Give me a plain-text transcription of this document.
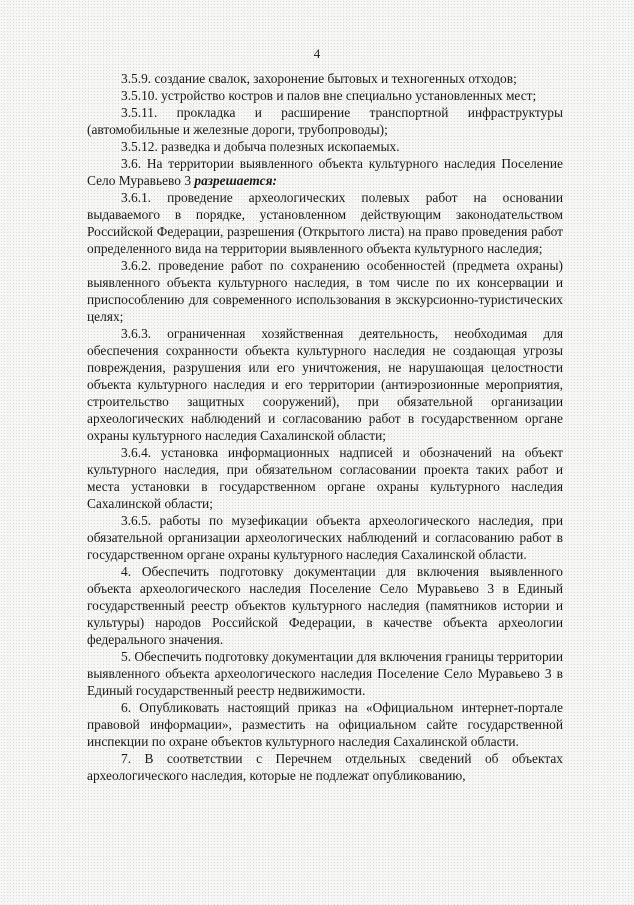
4

3.5.9. создание свалок, захоронение бытовых и техногенных отходов;

3.5.10. устройство костров и палов вне специально установленных мест;

3.5.11. прокладка и расширение транспортной инфраструктуры (автомобильные и железные дороги, трубопроводы);

3.5.12. разведка и добыча полезных ископаемых.

3.6. На территории выявленного объекта культурного наследия Поселение Село Муравьево 3 разрешается:

3.6.1. проведение археологических полевых работ на основании выдаваемого в порядке, установленном действующим законодательством Российской Федерации, разрешения (Открытого листа) на право проведения работ определенного вида на территории выявленного объекта культурного наследия;

3.6.2. проведение работ по сохранению особенностей (предмета охраны) выявленного объекта культурного наследия, в том числе по их консервации и приспособлению для современного использования в экскурсионно-туристических целях;

3.6.3. ограниченная хозяйственная деятельность, необходимая для обеспечения сохранности объекта культурного наследия не создающая угрозы повреждения, разрушения или его уничтожения, не нарушающая целостности объекта культурного наследия и его территории (антиэрозионные мероприятия, строительство защитных сооружений), при обязательной организации археологических наблюдений и согласованию работ в государственном органе охраны культурного наследия Сахалинской области;

3.6.4. установка информационных надписей и обозначений на объект культурного наследия, при обязательном согласовании проекта таких работ и места установки в государственном органе охраны культурного наследия Сахалинской области;

3.6.5. работы по музефикации объекта археологического наследия, при обязательной организации археологических наблюдений и согласованию работ в государственном органе охраны культурного наследия Сахалинской области.

4. Обеспечить подготовку документации для включения выявленного объекта археологического наследия Поселение Село Муравьево 3 в Единый государственный реестр объектов культурного наследия (памятников истории и культуры) народов Российской Федерации, в качестве объекта археологии федерального значения.

5. Обеспечить подготовку документации для включения границы территории выявленного объекта археологического наследия Поселение Село Муравьево 3 в Единый государственный реестр недвижимости.

6. Опубликовать настоящий приказ на «Официальном интернет-портале правовой информации», разместить на официальном сайте государственной инспекции по охране объектов культурного наследия Сахалинской области.

7. В соответствии с Перечнем отдельных сведений об объектах археологического наследия, которые не подлежат опубликованию,
